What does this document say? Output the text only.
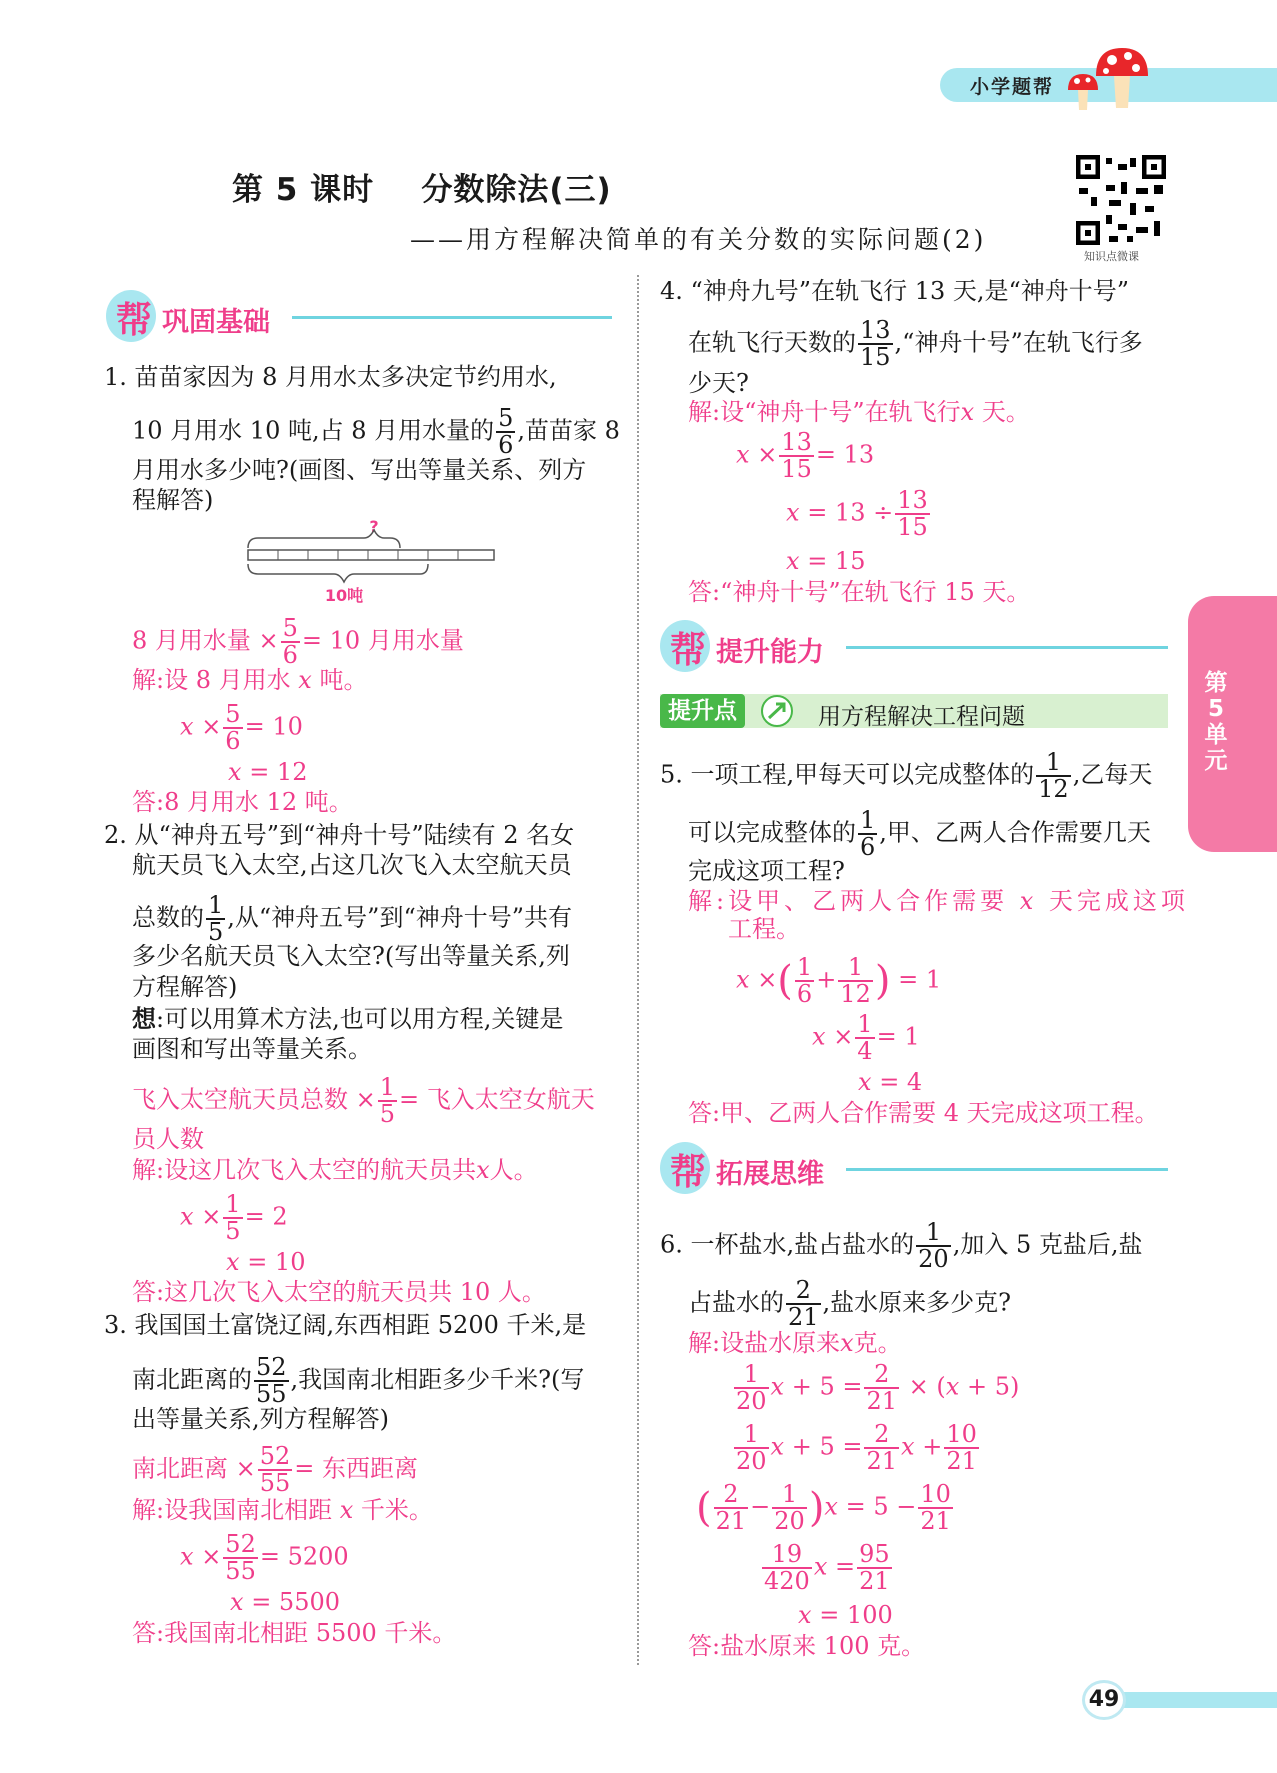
小学题帮
第 5 课时    分数除法(三)
——用方程解决简单的有关分数的实际问题(2)
知识点微课
帮 巩固基础
1. 苗苗家因为 8 月用水太多决定节约用水,
10 月用水 10 吨,占 8 月用水量的 $\frac{5}{6}$ ,苗苗家 8
月用水多少吨?(画图、写出等量关系、列方
程解答)
?
10吨
8 月用水量 × $\frac{5}{6} = 10$ 月用水量
解:设 8 月用水 x 吨。
$x \times \frac{5}{6} = 10$
x = 12
答:8 月用水 12 吨。
2. 从“神舟五号”到“神舟十号”陆续有 2 名女
航天员飞入太空,占这几次飞入太空航天员
总数的 $\frac{1}{5}$ ,从“神舟五号”到“神舟十号”共有
多少名航天员飞入太空?(写出等量关系,列
方程解答)
想:可以用算术方法,也可以用方程,关键是
画图和写出等量关系。
飞入太空航天员总数 × $\frac{1}{5}$ = 飞入太空女航天
员人数
解:设这几次飞入太空的航天员共x人。
$x \times \frac{1}{5} = 2$
x = 10
答:这几次飞入太空的航天员共 10 人。
3. 我国国土富饶辽阔,东西相距 5200 千米,是
南北距离的 $\frac{52}{55}$ ,我国南北相距多少千米?(写
出等量关系,列方程解答)
南北距离 × $\frac{52}{55}$ = 东西距离
解:设我国南北相距 x 千米。
$x \times \frac{52}{55} = 5200$
x = 5500
答:我国南北相距 5500 千米。
4. “神舟九号”在轨飞行 13 天,是“神舟十号”
在轨飞行天数的 $\frac{13}{15}$ ,“神舟十号”在轨飞行多
少天?
解:设“神舟十号”在轨飞行x 天。
$x \times \frac{13}{15} = 13$
$x = 13 \div \frac{13}{15}$
x = 15
答:“神舟十号”在轨飞行 15 天。
帮 提升能力
提升点	用方程解决工程问题
5. 一项工程,甲每天可以完成整体的 $\frac{1}{12}$ ,乙每天
可以完成整体的 $\frac{1}{6}$ ,甲、乙两人合作需要几天
完成这项工程?
解:设甲、乙两人合作需要 x 天完成这项
工程。
x ×( $\frac{1}{6} + \frac{1}{12}$ ) = 1
$x \times \frac{1}{4} = 1$
x = 4
答:甲、乙两人合作需要 4 天完成这项工程。
帮 拓展思维
6. 一杯盐水,盐占盐水的 $\frac{1}{20}$ ,加入 5 克盐后,盐
占盐水的 $\frac{2}{21}$ ,盐水原来多少克?
解:设盐水原来x克。
$\frac{1}{20}$ $x + 5 = \frac{2}{21} \times (x + 5)$
$\frac{1}{20}$ $x + 5 = \frac{2}{21}$ $x + \frac{10}{21}$
( $\frac{2}{21} - \frac{1}{20} )x = 5 - \frac{10}{21}$
$\frac{19}{420}$ $x = \frac{95}{21}$
x = 100
答:盐水原来 100 克。
第5单元
49
